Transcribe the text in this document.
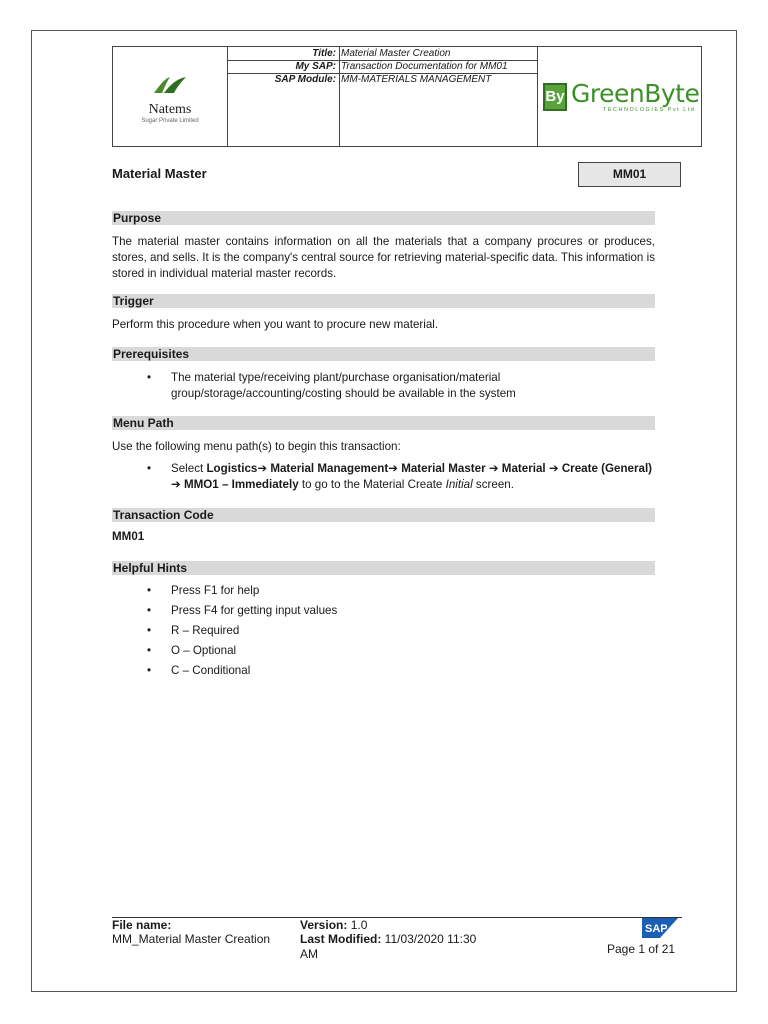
Natems
Sugar Private Limited
Title:
My SAP:
SAP Module:
Material Master Creation
Transaction Documentation for MM01
MM-MATERIALS MANAGEMENT
By GreenByte
TECHNOLOGIES Pvt Ltd
Material Master	MM01
Purpose
The material master contains information on all the materials that a company procures or produces, stores, and sells. It is the company's central source for retrieving material-specific data. This information is stored in individual material master records.
Trigger
Perform this procedure when you want to procure new material.
Prerequisites
• The material type/receiving plant/purchase organisation/material group/storage/accounting/costing should be available in the system
Menu Path
Use the following menu path(s) to begin this transaction:
• Select Logistics➔ Material Management➔ Material Master ➔ Material ➔ Create (General) ➔ MMO1 – Immediately to go to the Material Create Initial screen.
Transaction Code
MM01
Helpful Hints
• Press F1 for help
• Press F4 for getting input values
• R – Required
• O – Optional
• C – Conditional
File name:
MM_Material Master Creation
Version: 1.0
Last Modified: 11/03/2020 11:30
AM
SAP
Page 1 of 21
